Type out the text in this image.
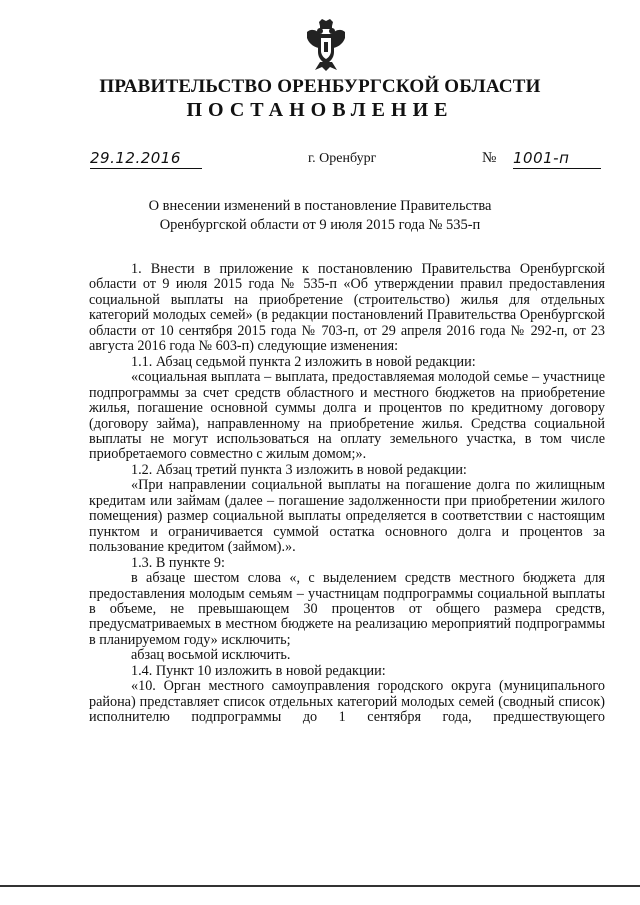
ПРАВИТЕЛЬСТВО ОРЕНБУРГСКОЙ ОБЛАСТИ
ПОСТАНОВЛЕНИЕ
29.12.2016	г. Оренбург	№ 1001-п
О внесении изменений в постановление Правительства
Оренбургской области от 9 июля 2015 года № 535-п

1. Внести в приложение к постановлению Правительства Оренбургской области от 9 июля 2015 года № 535-п «Об утверждении правил предоставления социальной выплаты на приобретение (строительство) жилья для отдельных категорий молодых семей» (в редакции постановлений Правительства Оренбургской области от 10 сентября 2015 года № 703-п, от 29 апреля 2016 года № 292-п, от 23 августа 2016 года № 603-п) следующие изменения:

1.1. Абзац седьмой пункта 2 изложить в новой редакции:

«социальная выплата – выплата, предоставляемая молодой семье – участнице подпрограммы за счет средств областного и местного бюджетов на приобретение жилья, погашение основной суммы долга и процентов по кредитному договору (договору займа), направленному на приобретение жилья. Средства социальной выплаты не могут использоваться на оплату земельного участка, в том числе приобретаемого совместно с жилым домом;».

1.2. Абзац третий пункта 3 изложить в новой редакции:

«При направлении социальной выплаты на погашение долга по жилищным кредитам или займам (далее – погашение задолженности при приобретении жилого помещения) размер социальной выплаты определяется в соответствии с настоящим пунктом и ограничивается суммой остатка основного долга и процентов за пользование кредитом (займом).».

1.3. В пункте 9:

в абзаце шестом слова «, с выделением средств местного бюджета для предоставления молодым семьям – участницам подпрограммы социальной выплаты в объеме, не превышающем 30 процентов от общего размера средств, предусматриваемых в местном бюджете на реализацию мероприятий подпрограммы в планируемом году» исключить;

абзац восьмой исключить.

1.4. Пункт 10 изложить в новой редакции:

«10. Орган местного самоуправления городского округа (муниципального района) представляет список отдельных категорий молодых семей (сводный список) исполнителю подпрограммы до 1 сентября года, предшествующего
